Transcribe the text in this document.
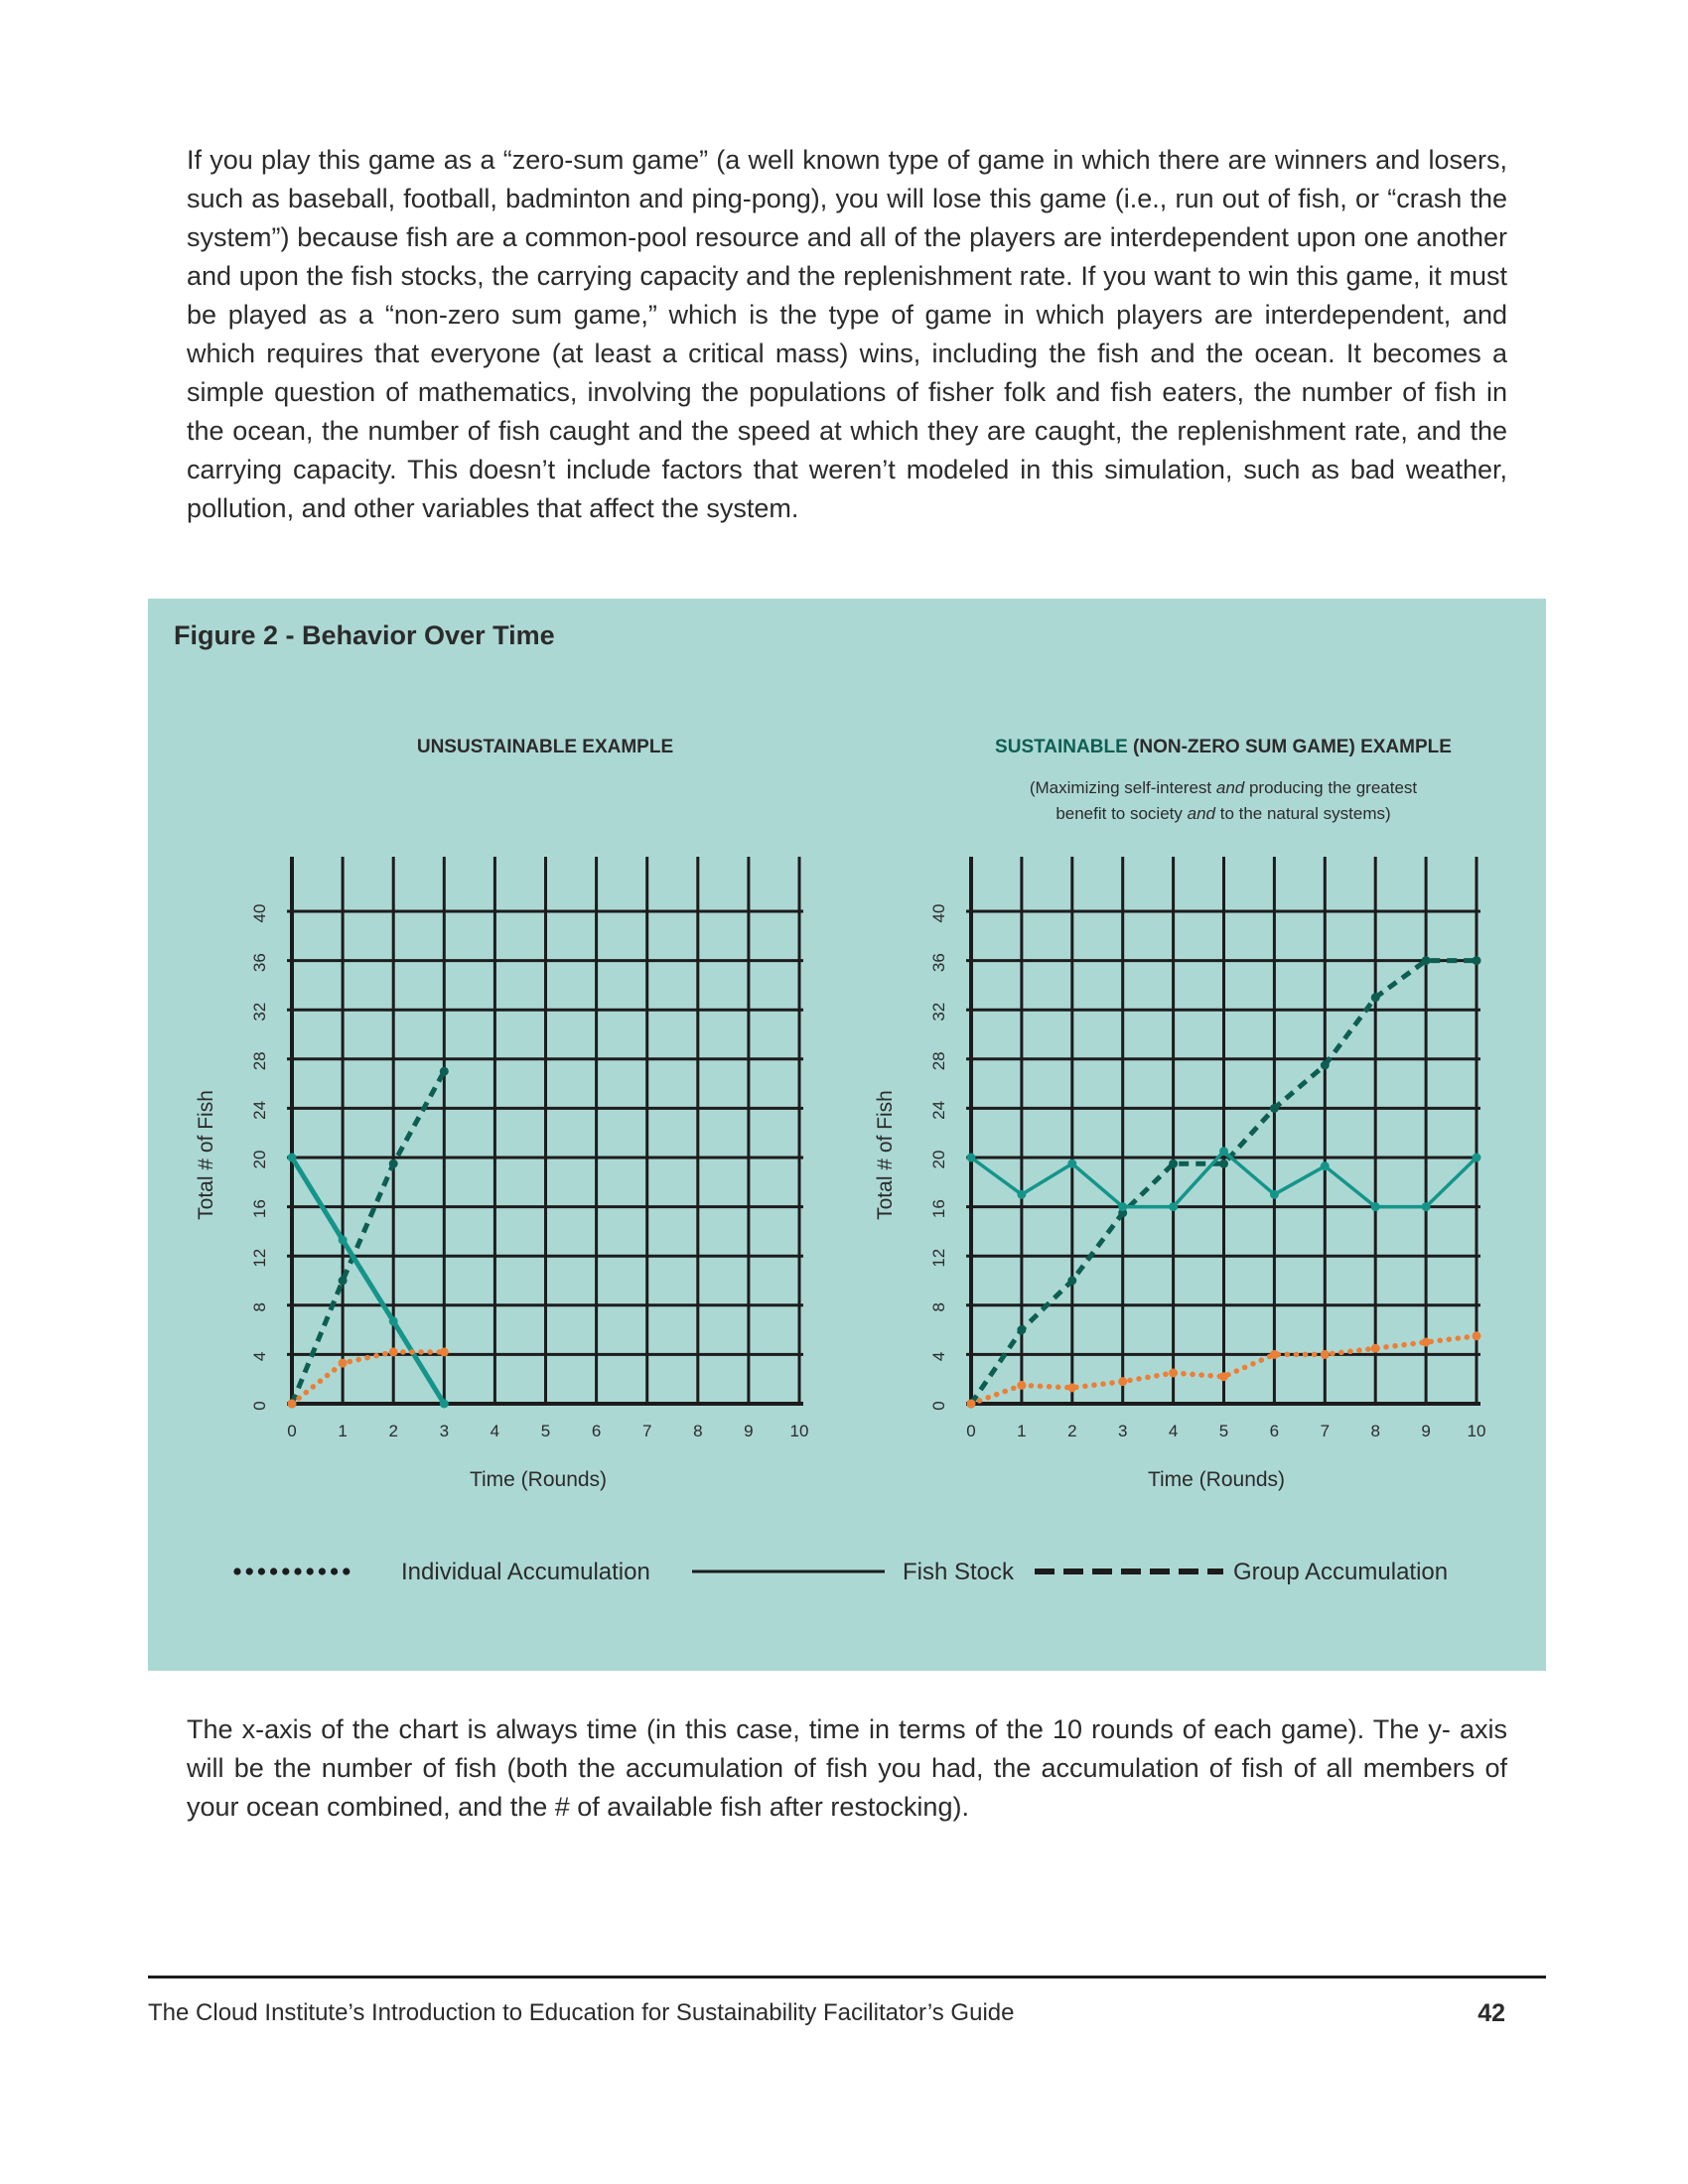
If you play this game as a “zero-sum game” (a well known type of game in which there are winners and losers, such as baseball, football, badminton and ping-pong), you will lose this game (i.e., run out of fish, or “crash the system”) because fish are a common-pool resource and all of the players are interdependent upon one another and upon the fish stocks, the carrying capacity and the replenishment rate. If you want to win this game, it must be played as a “non-zero sum game,” which is the type of game in which players are interdependent, and which requires that everyone (at least a critical mass) wins, including the fish and the ocean. It becomes a simple question of mathematics, involving the populations of fisher folk and fish eaters, the number of fish in the ocean, the number of fish caught and the speed at which they are caught, the replenishment rate, and the carrying capacity. This doesn’t include factors that weren’t modeled in this simulation, such as bad weather, pollution, and other variables that affect the system.

Figure 2 - Behavior Over Time
UNSUSTAINABLE EXAMPLE
0 1 2 3 4 5 6 7 8 9 10
0
4
8
12
16
20
24
28
32
36
40
Time (Rounds)
Total # of Fish
SUSTAINABLE (NON-ZERO SUM GAME) EXAMPLE
(Maximizing self-interest and producing the greatest
benefit to society and to the natural systems)
0 1 2 3 4 5 6 7 8 9 10
0
4
8
12
16
20
24
28
32
36
40
Time (Rounds)
Total # of Fish
Individual Accumulation	Fish Stock	Group Accumulation

The x-axis of the chart is always time (in this case, time in terms of the 10 rounds of each game). The y- axis will be the number of fish (both the accumulation of fish you had, the accumulation of fish of all members of your ocean combined, and the # of available fish after restocking).

The Cloud Institute’s Introduction to Education for Sustainability Facilitator’s Guide	42
